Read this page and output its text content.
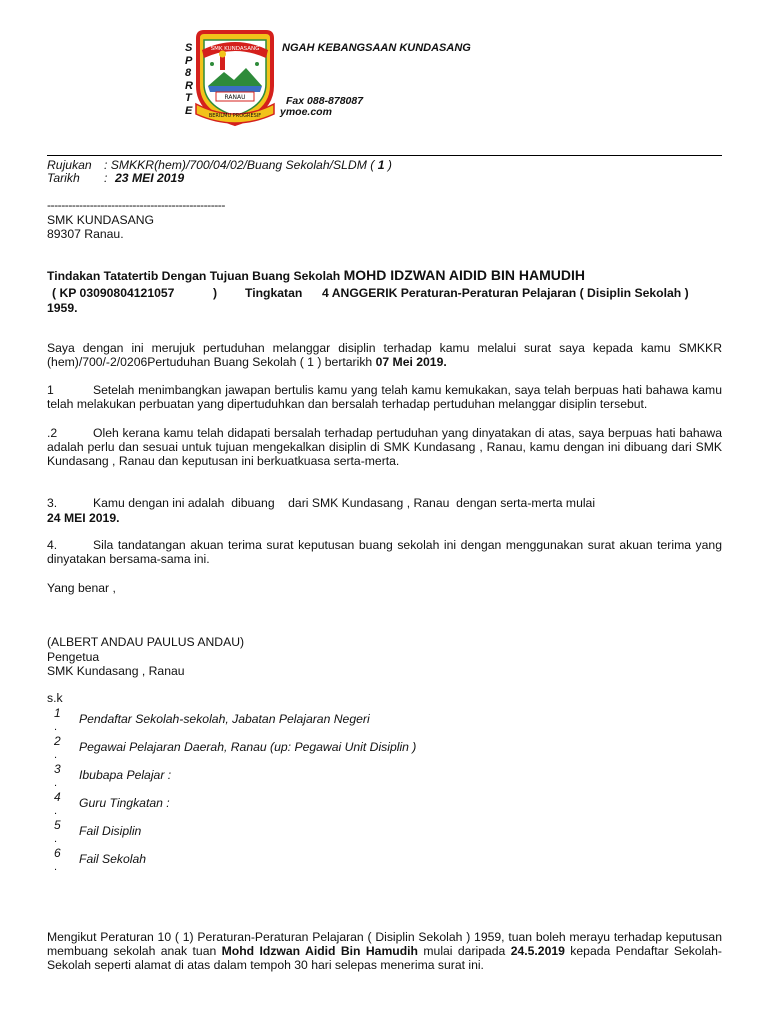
S
P
8
R
T
E
SMK KUNDASANG
RANAU
BERILMU PROGRESIF
NGAH KEBANGSAAN KUNDASANG
Fax 088-878087
ymoe.com
Rujukan : SMKKR(hem)/700/04/02/Buang Sekolah/SLDM ( 1 )
Tarikh : 23 MEI 2019
--------------------------------------------------
SMK KUNDASANG
89307 Ranau.
Tindakan Tatatertib Dengan Tujuan Buang Sekolah MOHD IDZWAN AIDID BIN HAMUDIH
( KP 03090804121057	) Tingkatan 4 ANGGERIK Peraturan-Peraturan Pelajaran ( Disiplin Sekolah )
1959.
Saya dengan ini merujuk pertuduhan melanggar disiplin terhadap kamu melalui surat saya kepada kamu SMKKR (hem)/700/-2/0206Pertuduhan Buang Sekolah ( 1 ) bertarikh 07 Mei 2019.
1	Setelah menimbangkan jawapan bertulis kamu yang telah kamu kemukakan, saya telah berpuas hati bahawa kamu telah melakukan perbuatan yang dipertuduhkan dan bersalah terhadap pertuduhan melanggar disiplin tersebut.
.2	Oleh kerana kamu telah didapati bersalah terhadap pertuduhan yang dinyatakan di atas, saya berpuas hati bahawa adalah perlu dan sesuai untuk tujuan mengekalkan disiplin di SMK Kundasang , Ranau, kamu dengan ini dibuang dari SMK Kundasang , Ranau dan keputusan ini berkuatkuasa serta-merta.
3.	Kamu dengan ini adalah  dibuang    dari SMK Kundasang , Ranau  dengan serta-merta mulai
24 MEI 2019.
4.	Sila tandatangan akuan terima surat keputusan buang sekolah ini dengan menggunakan surat akuan terima yang dinyatakan bersama-sama ini.
Yang benar ,
(ALBERT ANDAU PAULUS ANDAU)
Pengetua
SMK Kundasang , Ranau
s.k
1
.
Pendaftar Sekolah-sekolah, Jabatan Pelajaran Negeri
2
.
Pegawai Pelajaran Daerah, Ranau (up: Pegawai Unit Disiplin )
3
.
Ibubapa Pelajar :
4
.
Guru Tingkatan :
5
.
Fail Disiplin
6
.
Fail Sekolah
Mengikut Peraturan 10 ( 1) Peraturan-Peraturan Pelajaran ( Disiplin Sekolah ) 1959, tuan boleh merayu terhadap keputusan membuang sekolah anak tuan Mohd Idzwan Aidid Bin Hamudih mulai daripada 24.5.2019 kepada Pendaftar Sekolah-Sekolah seperti alamat di atas dalam tempoh 30 hari selepas menerima surat ini.
